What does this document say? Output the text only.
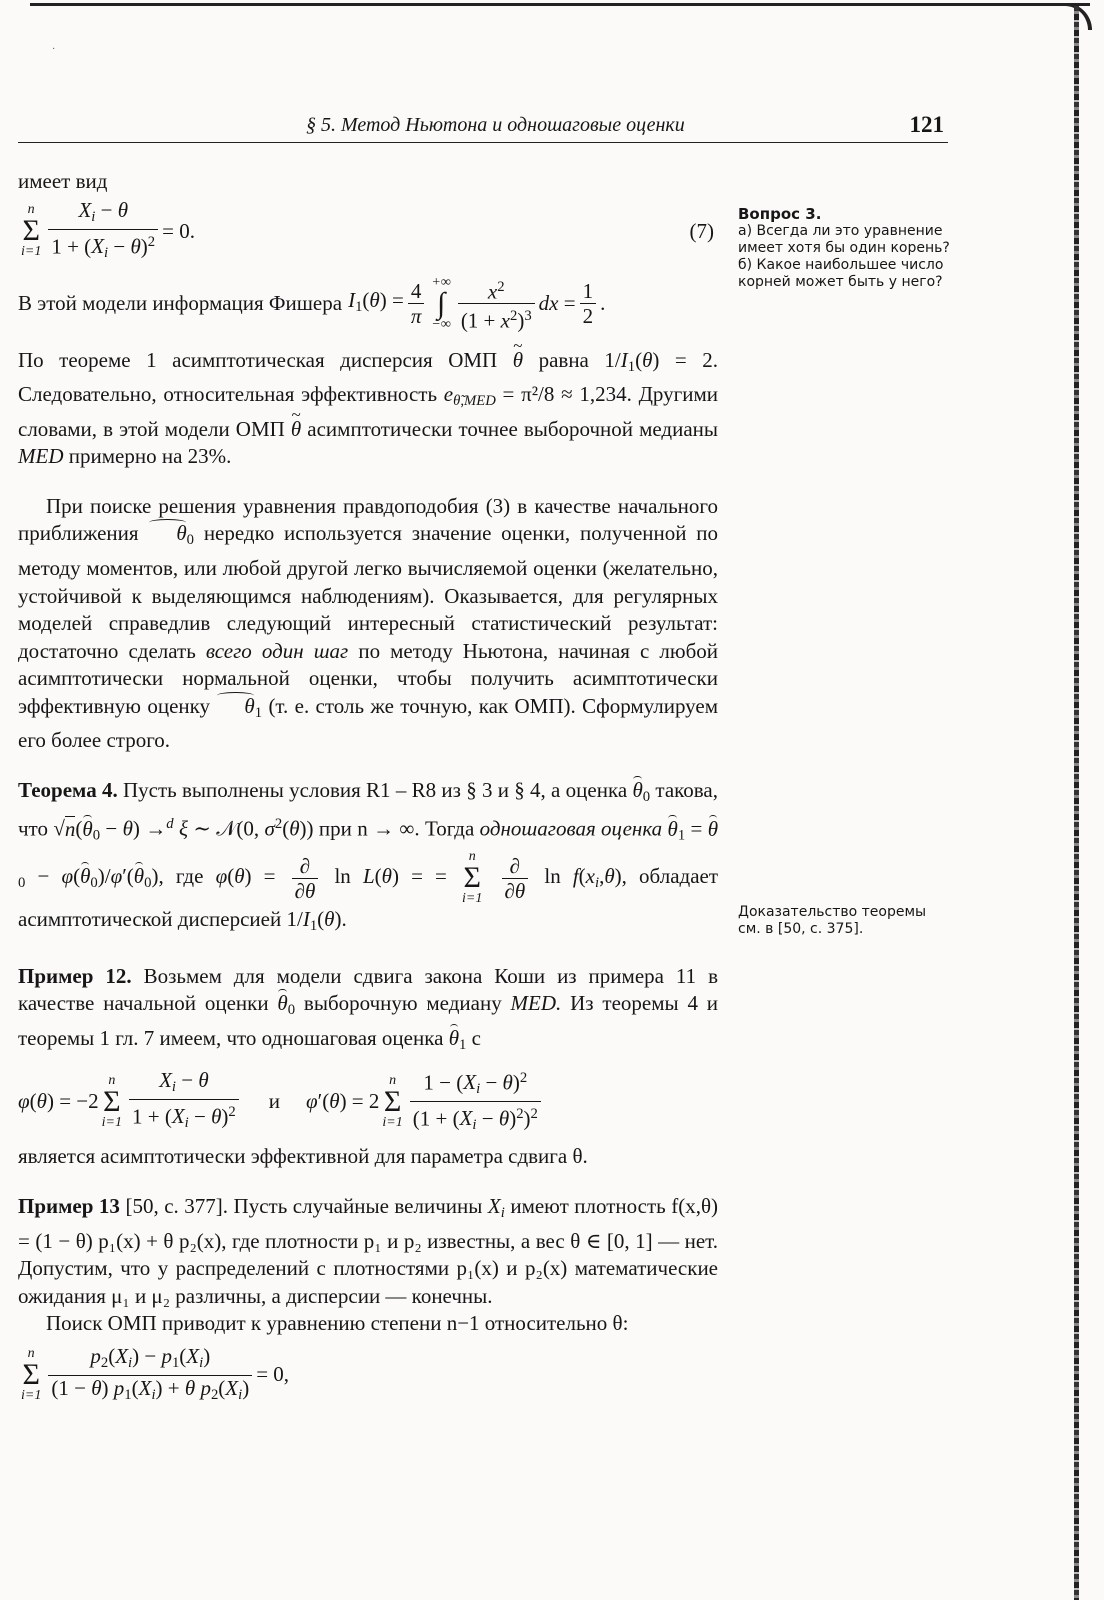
·
§ 5. Метод Ньютона и одношаговые оценки	121
Вопрос 3.
а) Всегда ли это уравнение имеет хотя бы один корень? б) Какое наибольшее число корней может быть у него?
Доказательство теоремы см. в [50, с. 375].

имеет вид

n
Σ
$i=1 \frac{X_i - \theta}{1 + (X_i - \theta)^2} = 0$.	(7)
В этой модели информация Фишера $I_1(\theta) = \frac{4}{\pi}$ +∞
∫
−∞ $\frac{x^2}{(1 + x^2)^3}$ dx = $\frac{1}{2}$ .

По теореме 1 асимптотическая дисперсия ОМП ~ θ равна $1/I_1(\theta) = 2$. Следовательно, относительная эффективность $e_{\thetã,MED} = \pi^2/8 \approx 1,234$. Другими словами, в этой модели ОМП ~ θ асимптотически точнее выборочной медианы MED примерно на 23%.

При поиске решения уравнения правдоподобия (3) в качестве начального приближения $\theta_0$ нередко используется значение оценки, полученной по методу моментов, или любой другой легко вычисляемой оценки (желательно, устойчивой к выделяющимся наблюдениям). Оказывается, для регулярных моделей справедлив следующий интересный статистический результат: достаточно сделать всего один шаг по методу Ньютона, начиная с любой асимптотически нормальной оценки, чтобы получить асимптотически эффективную оценку $\theta_1$ (т. е. столь же точную, как ОМП). Сформулируем его более строго.

Теорема 4. Пусть выполнены условия R1 – R8 из § 3 и § 4, а оценка $\theta_0$ такова, что $√n(\theta_0 - \theta) \to^d$ ξ ∼ 𝒩(0, $\sigma^2(\theta)$) при n → ∞. Тогда одношаговая оценка $\theta_1 = \theta_0 - \varphi(\theta_0)/\varphi'(\theta_0)$, где $\varphi(\theta) = \frac{\partial}{\partial\theta}$ ln L(θ) = =
n
Σ
i=1
$\frac{\partial}{\partial\theta}$ $\ln f(x_i,\theta)$, обладает асимптотической дисперсией $1/I_1(\theta)$.

Пример 12. Возьмем для модели сдвига закона Коши из примера 11 в качестве начальной оценки $\theta_0$ выборочную медиану MED. Из теоремы 4 и теоремы 1 гл. 7 имеем, что одношаговая оценка $\theta_1$ с

φ(θ) = −2
n
Σ
$i=1 \frac{X_i - \theta}{1 + (X_i - \theta)^2}$ и φ′(θ) = 2
n
Σ
$i=1 \frac{1 - (X_i - \theta)^2}{(1 + (X_i - \theta)^2)^2}$

является асимптотически эффективной для параметра сдвига θ.

Пример 13 [50, с. 377]. Пусть случайные величины $X_i$ имеют плотность f(x,θ) = (1 − θ) p₁(x) + θ p₂(x), где плотности p₁ и p₂ известны, а вес θ ∈ [0, 1] — нет. Допустим, что у распределений с плотностями p₁(x) и p₂(x) математические ожидания μ₁ и μ₂ различны, а дисперсии — конечны.

Поиск ОМП приводит к уравнению степени n−1 относительно θ:

n
Σ
$i=1 \frac{p_2(X_i) - p_1(X_i)}{(1 - \theta) p_1(X_i) + \theta p_2(X_i)} = 0$,
